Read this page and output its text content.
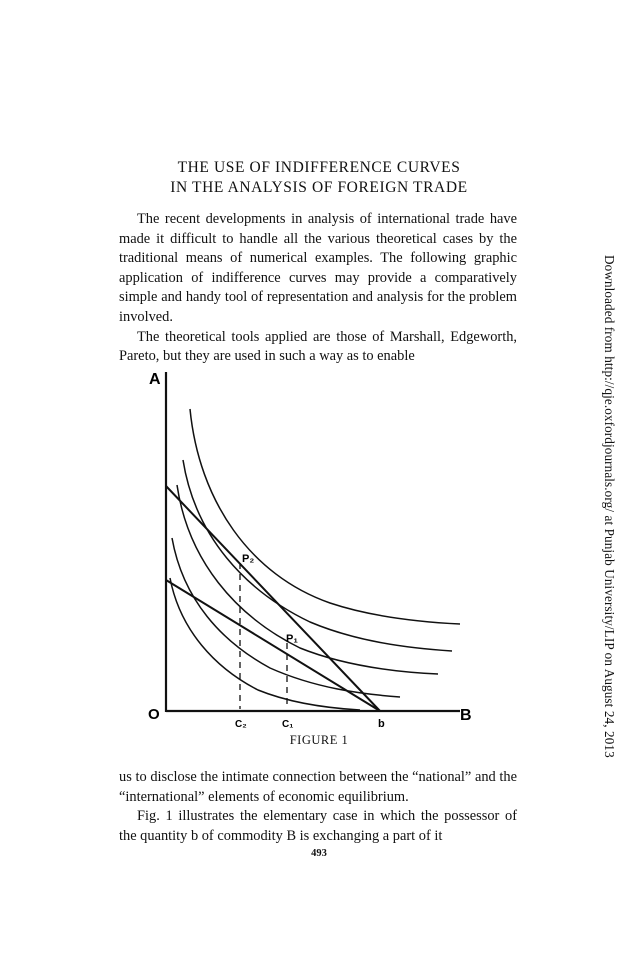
THE USE OF INDIFFERENCE CURVES
IN THE ANALYSIS OF FOREIGN TRADE

The recent developments in analysis of international trade have made it difficult to handle all the various theoretical cases by the traditional means of numerical examples. The following graphic application of indifference curves may provide a comparatively simple and handy tool of representation and analysis for the problem involved.

The theoretical tools applied are those of Marshall, Edgeworth, Pareto, but they are used in such a way as to enable

A
B
O
P₂
P₁
C₂	C₁	b
FIGURE 1

us to disclose the intimate connection between the “national” and the “international” elements of economic equilibrium.

Fig. 1 illustrates the elementary case in which the possessor of the quantity b of commodity B is exchanging a part of it

493
Downloaded from http://qje.oxfordjournals.org/ at Punjab University/LIP on August 24, 2013
